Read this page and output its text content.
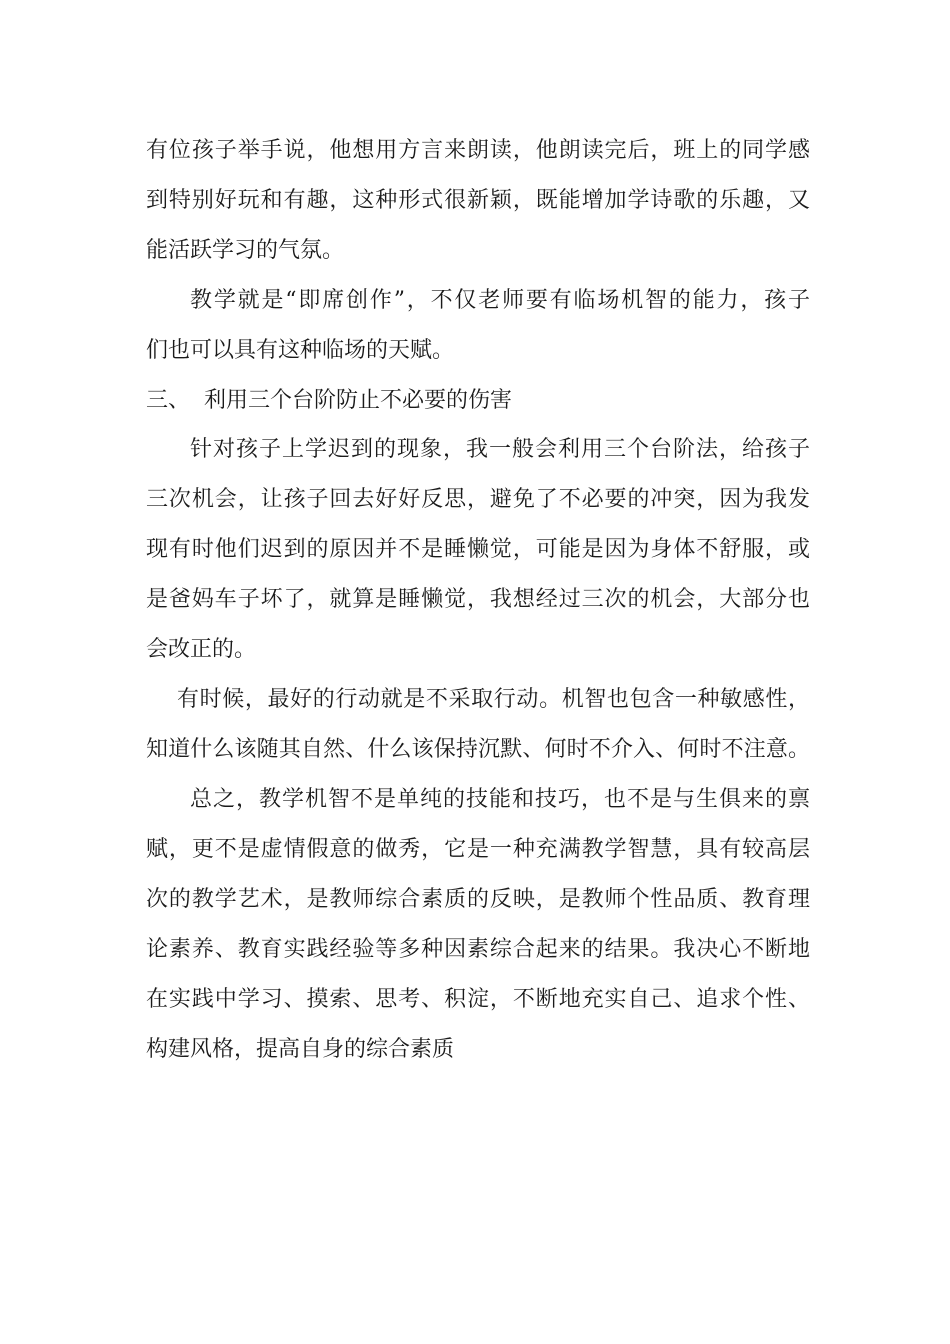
有位孩子举手说，他想用方言来朗读，他朗读完后，班上的同学感
到特别好玩和有趣，这种形式很新颖，既能增加学诗歌的乐趣，又
能活跃学习的气氛。
教学就是“即席创作”，不仅老师要有临场机智的能力，孩子
们也可以具有这种临场的天赋。
三、  利用三个台阶防止不必要的伤害
针对孩子上学迟到的现象，我一般会利用三个台阶法，给孩子
三次机会，让孩子回去好好反思，避免了不必要的冲突，因为我发
现有时他们迟到的原因并不是睡懒觉，可能是因为身体不舒服，或
是爸妈车子坏了，就算是睡懒觉，我想经过三次的机会，大部分也
会改正的。
有时候，最好的行动就是不采取行动。机智也包含一种敏感性，
知道什么该随其自然、什么该保持沉默、何时不介入、何时不注意。
总之，教学机智不是单纯的技能和技巧，也不是与生俱来的禀
赋，更不是虚情假意的做秀，它是一种充满教学智慧，具有较高层
次的教学艺术，是教师综合素质的反映，是教师个性品质、教育理
论素养、教育实践经验等多种因素综合起来的结果。我决心不断地
在实践中学习、摸索、思考、积淀，不断地充实自己、追求个性、
构建风格，提高自身的综合素质
